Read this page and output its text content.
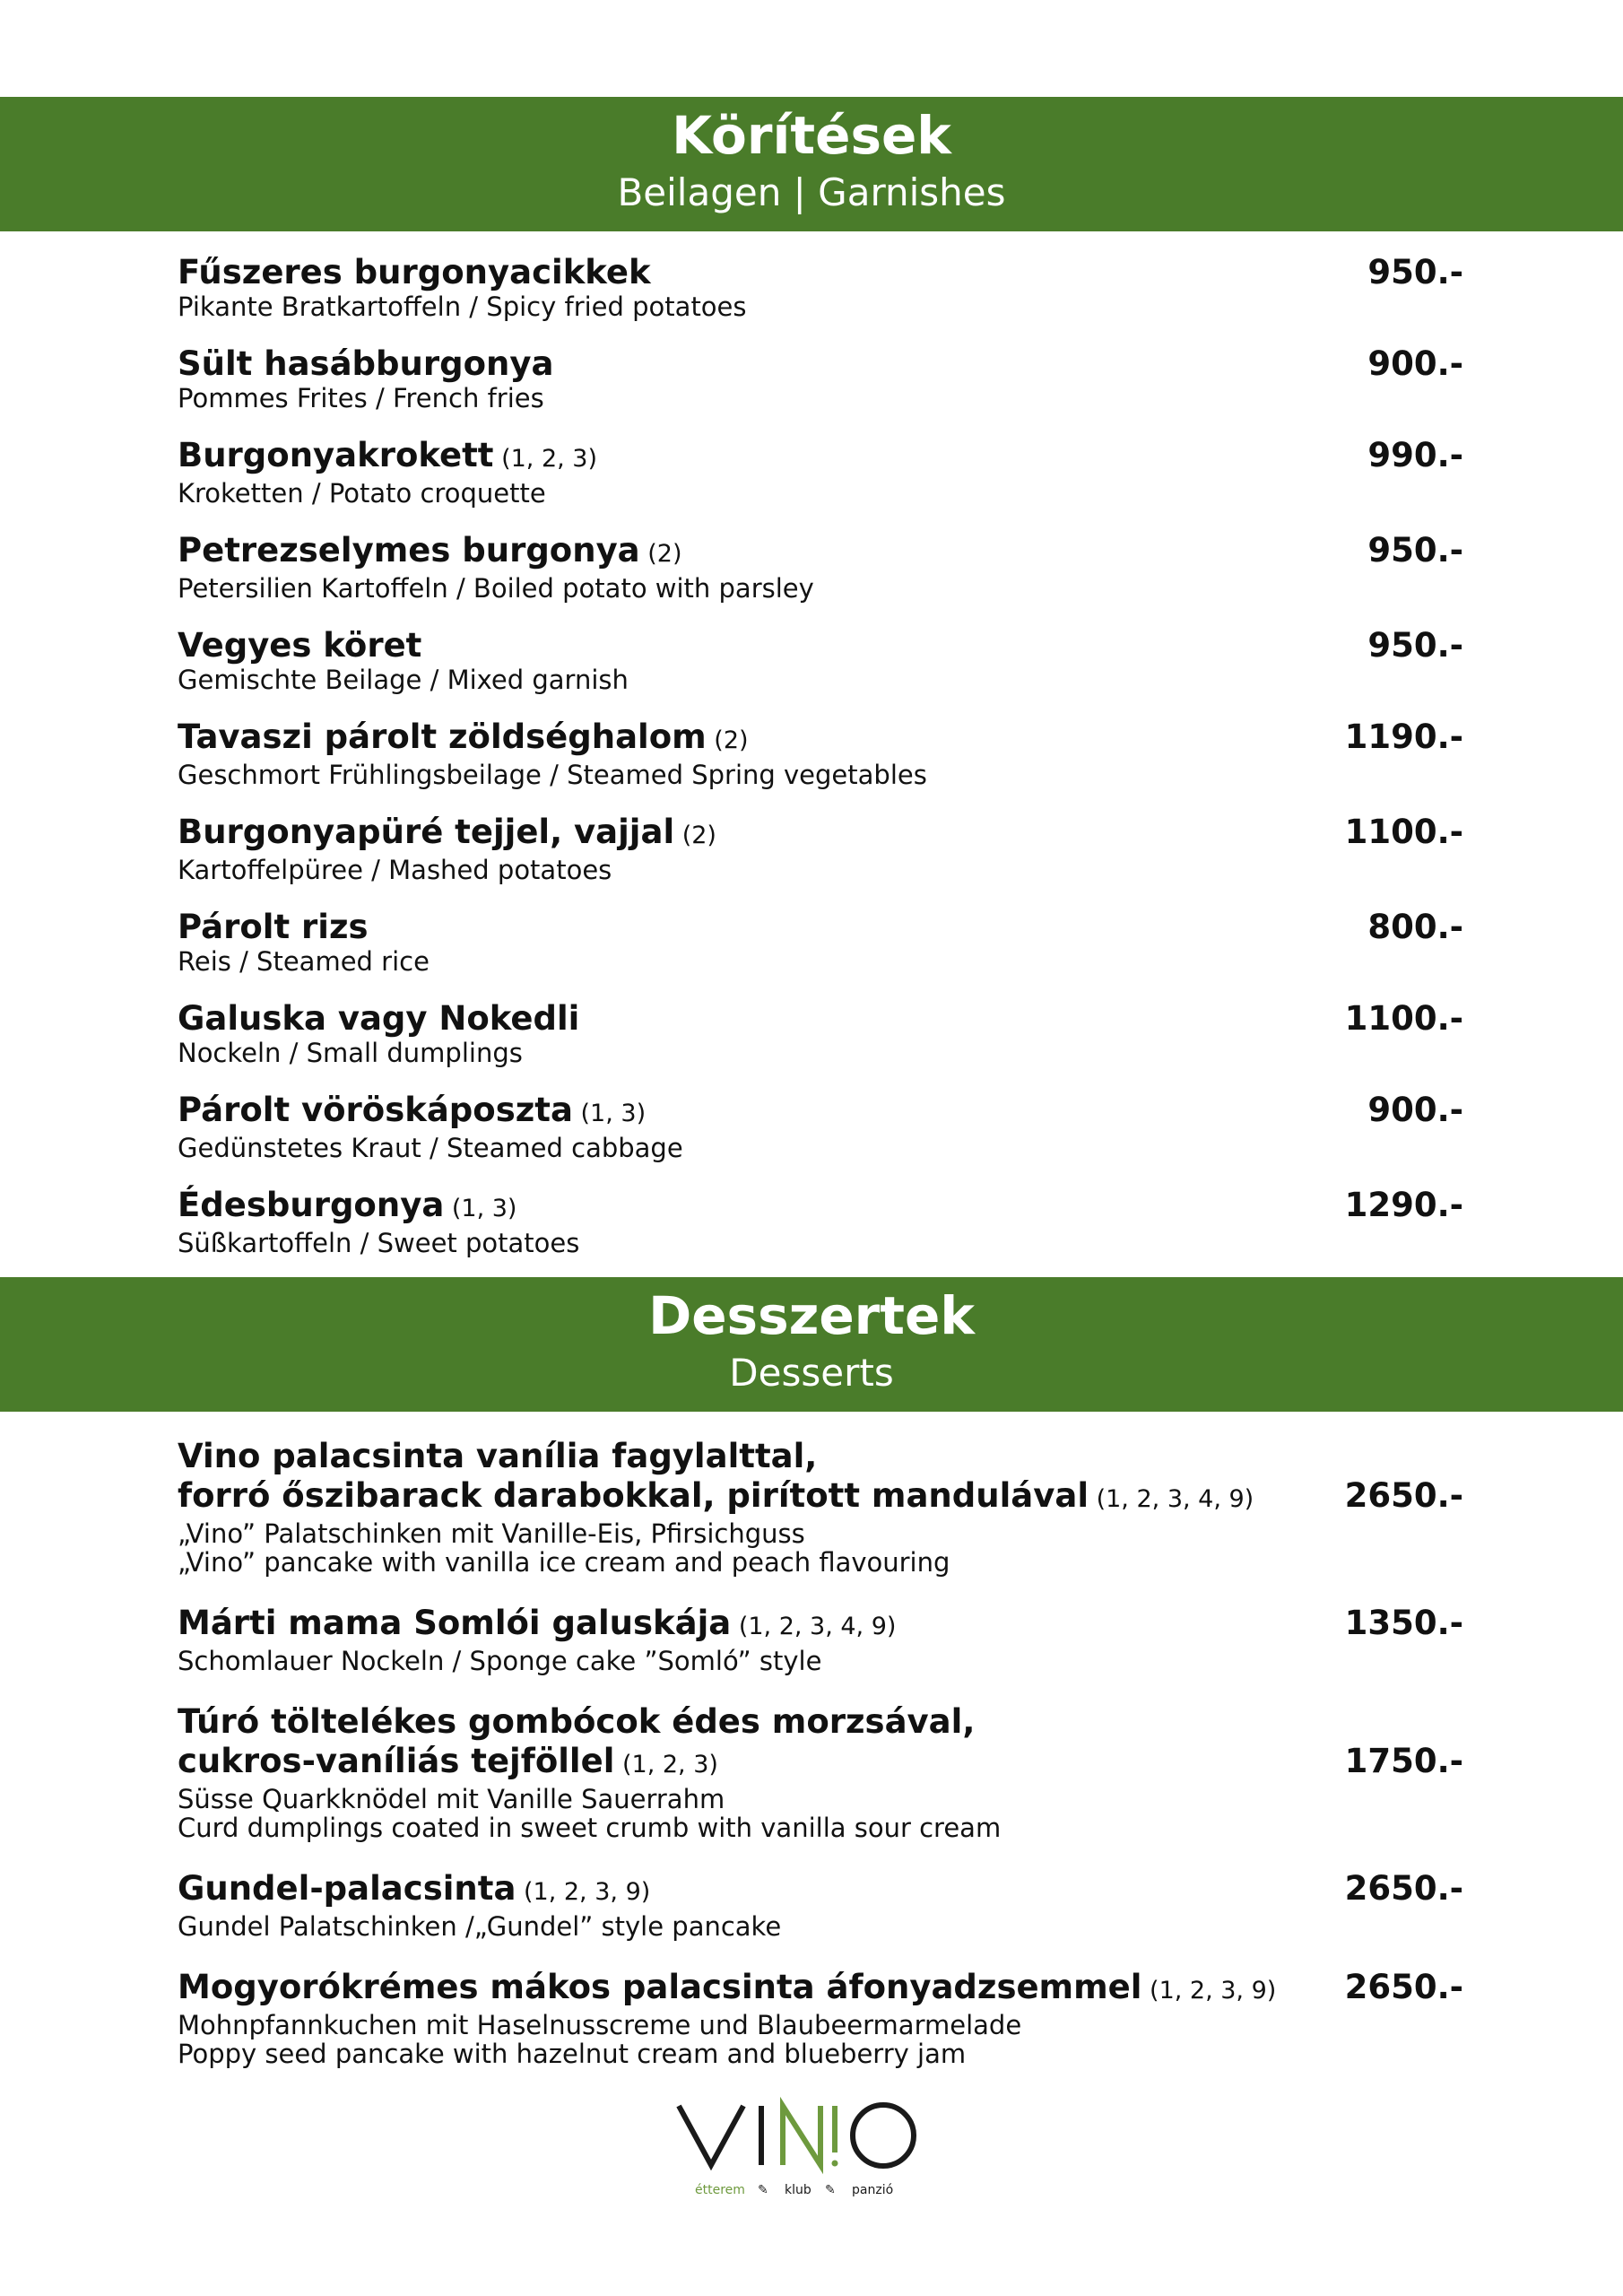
Körítések
Beilagen | Garnishes
Fűszeres burgonyacikkek
Pikante Bratkartoffeln / Spicy fried potatoes
950.-
Sült hasábburgonya
Pommes Frites / French fries
900.-
Burgonyakrokett (1, 2, 3)
Kroketten / Potato croquette
990.-
Petrezselymes burgonya (2)
Petersilien Kartoffeln / Boiled potato with parsley
950.-
Vegyes köret
Gemischte Beilage / Mixed garnish
950.-
Tavaszi párolt zöldséghalom (2)
Geschmort Frühlingsbeilage / Steamed Spring vegetables
1190.-
Burgonyapüré tejjel, vajjal (2)
Kartoffelpüree / Mashed potatoes
1100.-
Párolt rizs
Reis / Steamed rice
800.-
Galuska vagy Nokedli
Nockeln / Small dumplings
1100.-
Párolt vöröskáposzta (1, 3)
Gedünstetes Kraut / Steamed cabbage
900.-
Édesburgonya (1, 3)
Süßkartoffeln / Sweet potatoes
1290.-
Desszertek
Desserts
Vino palacsinta vanília fagylalttal,
forró őszibarack darabokkal, pirított mandulával (1, 2, 3, 4, 9)
„Vino” Palatschinken mit Vanille-Eis, Pfirsichguss
„Vino” pancake with vanilla ice cream and peach flavouring
2650.-
Márti mama Somlói galuskája (1, 2, 3, 4, 9)
Schomlauer Nockeln / Sponge cake ”Somló” style
1350.-
Túró töltelékes gombócok édes morzsával,
cukros-vaníliás tejföllel (1, 2, 3)
Süsse Quarkknödel mit Vanille Sauerrahm
Curd dumplings coated in sweet crumb with vanilla sour cream
1750.-
Gundel-palacsinta (1, 2, 3, 9)
Gundel Palatschinken /„Gundel” style pancake
2650.-
Mogyorókrémes mákos palacsinta áfonyadzsemmel (1, 2, 3, 9)
Mohnpfannkuchen mit Haselnusscreme und Blaubeermarmelade
Poppy seed pancake with hazelnut cream and blueberry jam
2650.-
étterem ✎ klub ✎ panzió
